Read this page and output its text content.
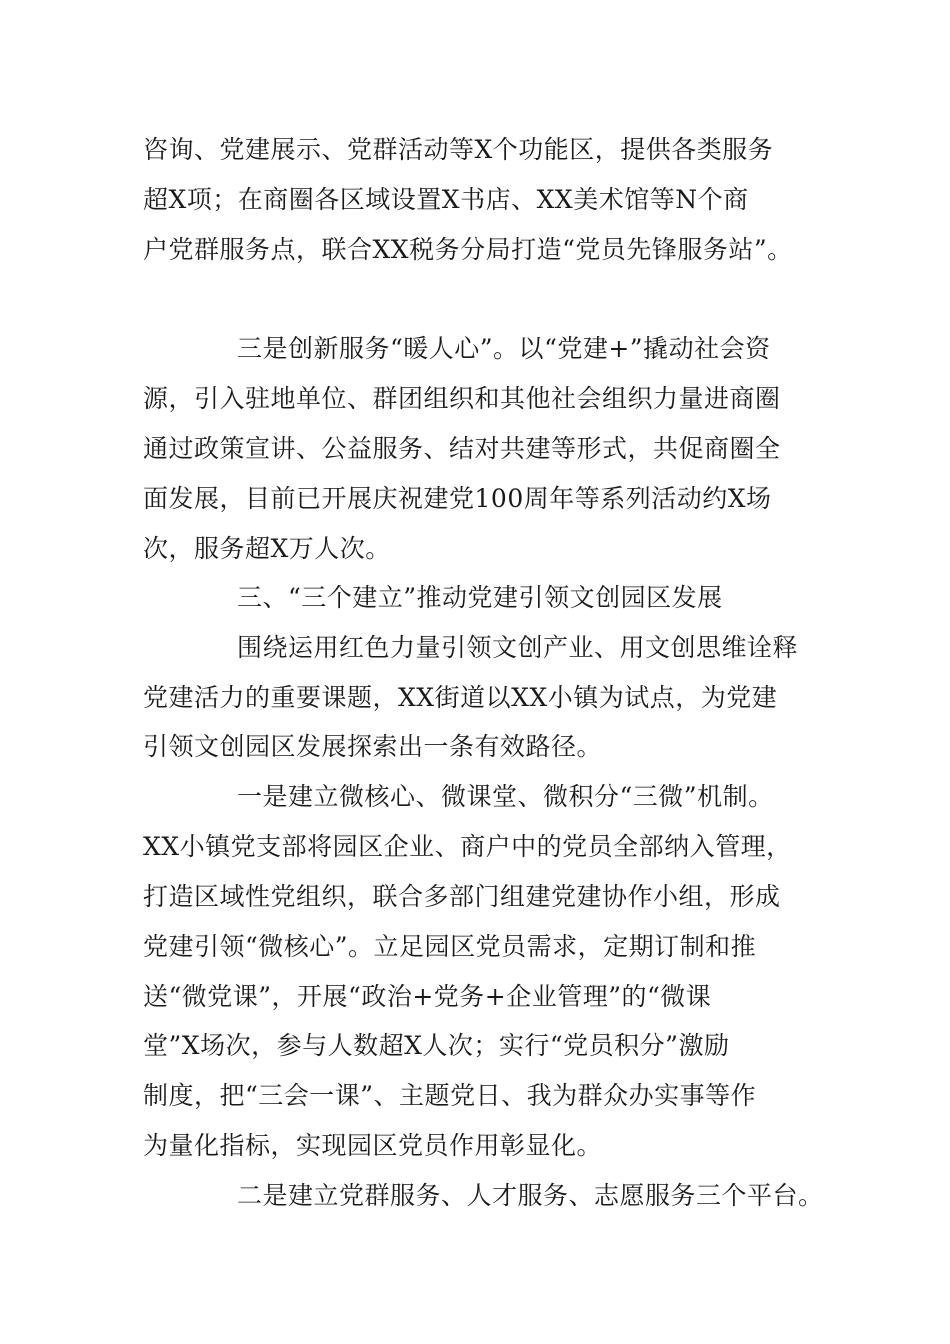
咨询、党建展示、党群活动等X个功能区，提供各类服务
超X项；在商圈各区域设置X书店、XX美术馆等N个商
户党群服务点，联合XX税务分局打造“党员先锋服务站”。
三是创新服务“暖人心”。以“党建+”撬动社会资
源，引入驻地单位、群团组织和其他社会组织力量进商圈
通过政策宣讲、公益服务、结对共建等形式，共促商圈全
面发展，目前已开展庆祝建党100周年等系列活动约X场
次，服务超X万人次。
三、“三个建立”推动党建引领文创园区发展
围绕运用红色力量引领文创产业、用文创思维诠释
党建活力的重要课题，XX街道以XX小镇为试点，为党建
引领文创园区发展探索出一条有效路径。
一是建立微核心、微课堂、微积分“三微”机制。
XX小镇党支部将园区企业、商户中的党员全部纳入管理，
打造区域性党组织，联合多部门组建党建协作小组，形成
党建引领“微核心”。立足园区党员需求，定期订制和推
送“微党课”，开展“政治+党务+企业管理”的“微课
堂”X场次，参与人数超X人次；实行“党员积分”激励
制度，把“三会一课”、主题党日、我为群众办实事等作
为量化指标，实现园区党员作用彰显化。
二是建立党群服务、人才服务、志愿服务三个平台。
